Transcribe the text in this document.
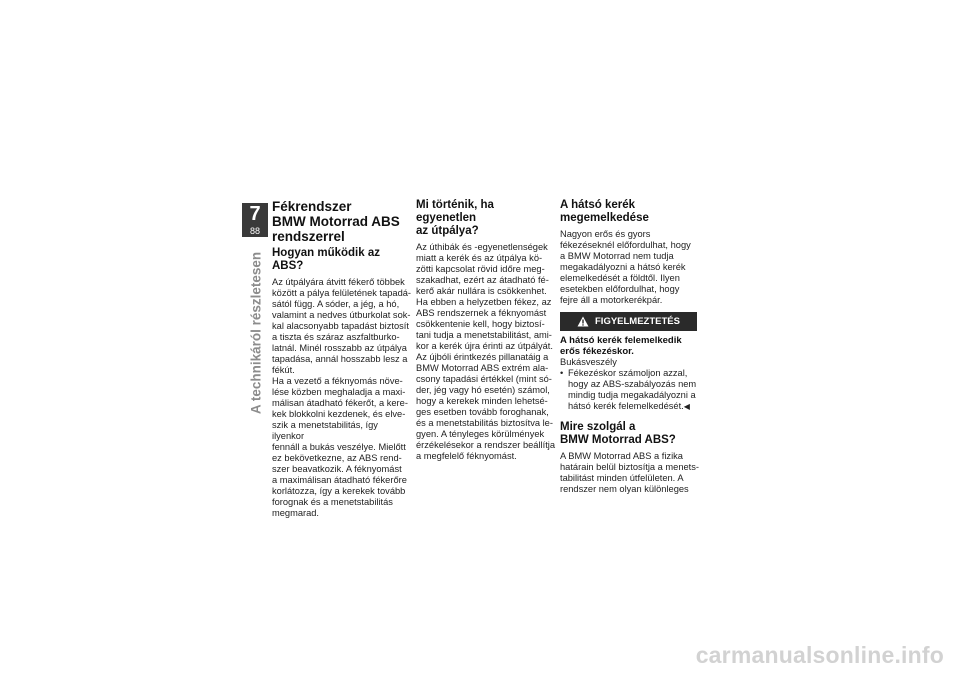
7
88
A technikáról részletesen
Fékrendszer
BMW Motorrad ABS
rendszerrel
Hogyan működik az ABS?

Az útpályára átvitt fékerő többek
között a pálya felületének tapadá-
sától függ. A sóder, a jég, a hó,
valamint a nedves útburkolat sok-
kal alacsonyabb tapadást biztosít
a tiszta és száraz aszfaltburko-
latnál. Minél rosszabb az útpálya
tapadása, annál hosszabb lesz a
fékút.

Ha a vezető a féknyomás növe-
lése közben meghaladja a maxi-
málisan átadható fékerőt, a kere-
kek blokkolni kezdenek, és elve-
szik a menetstabilitás, így ilyenkor
fennáll a bukás veszélye. Mielőtt
ez bekövetkezne, az ABS rend-
szer beavatkozik. A féknyomást
a maximálisan átadható fékerőre
korlátozza, így a kerekek tovább
forognak és a menetstabilitás
megmarad.

Mi történik, ha egyenetlen
az útpálya?

Az úthibák és -egyenetlenségek
miatt a kerék és az útpálya kö-
zötti kapcsolat rövid időre meg-
szakadhat, ezért az átadható fé-
kerő akár nullára is csökkenhet.
Ha ebben a helyzetben fékez, az
ABS rendszernek a féknyomást
csökkentenie kell, hogy biztosí-
tani tudja a menetstabilitást, ami-
kor a kerék újra érinti az útpályát.
Az újbóli érintkezés pillanatáig a
BMW Motorrad ABS extrém ala-
csony tapadási értékkel (mint só-
der, jég vagy hó esetén) számol,
hogy a kerekek minden lehetsé-
ges esetben tovább foroghanak,
és a menetstabilitás biztosítva le-
gyen. A tényleges körülmények
érzékelésekor a rendszer beállítja
a megfelelő féknyomást.

A hátsó kerék
megemelkedése

Nagyon erős és gyors
fékezéseknél előfordulhat, hogy
a BMW Motorrad nem tudja
megakadályozni a hátsó kerék
elemelkedését a földtől. Ilyen
esetekben előfordulhat, hogy
fejre áll a motorkerékpár.

FIGYELMEZTETÉS
A hátsó kerék felemelkedik
erős fékezéskor.

Bukásveszély

• Fékezéskor számoljon azzal,
hogy az ABS-szabályozás nem
mindig tudja megakadályozni a
hátsó kerék felemelkedését.◀
Mire szolgál a
BMW Motorrad ABS?

A BMW Motorrad ABS a fizika
határain belül biztosítja a menets-
tabilitást minden útfelületen. A
rendszer nem olyan különleges

carmanualsonline.info
